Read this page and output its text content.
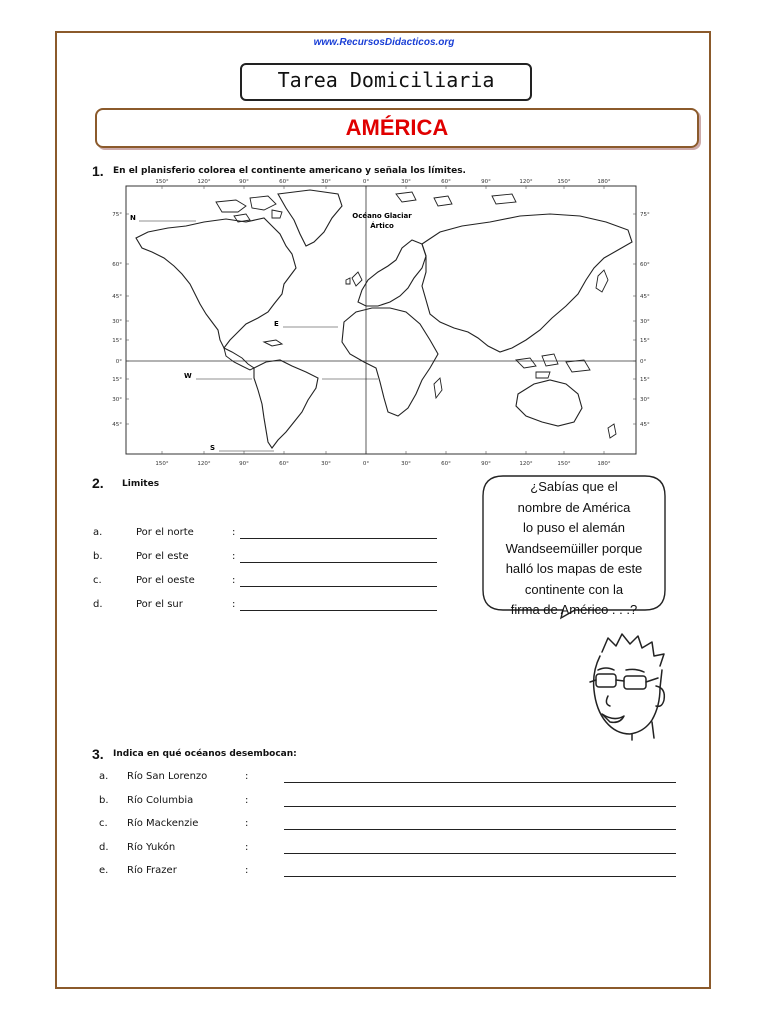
www.RecursosDidacticos.org
Tarea Domiciliaria
AMÉRICA
1. En el planisferio colorea el continente americano y señala los límites.
Océano Glaciar
Ártico
N
E
W
S
150°	120°	90°	60°	30°	0°	30°	60°	90°	120°	150°	180°
150°	120°	90°	60°	30°	0°	30°	60°	90°	120°	150°	180°
75°
60°
45°
30°
15°
0°
15°
30°
45°
75°
60°
45°
30°
15°
0°
15°
30°
45°
2. Limites
a.	Por el norte	:
b.	Por el este	:
c.	Por el oeste	:
d.	Por el sur	:
¿Sabías que el
nombre de América
lo puso el alemán
Wandseemüiller porque
halló los mapas de este
continente con la
firma de Américo . . .?
3. Indica en qué océanos desembocan:
a. Río San Lorenzo	:
b. Río Columbia	:
c. Río Mackenzie	:
d. Río Yukón	:
e. Río Frazer	:
